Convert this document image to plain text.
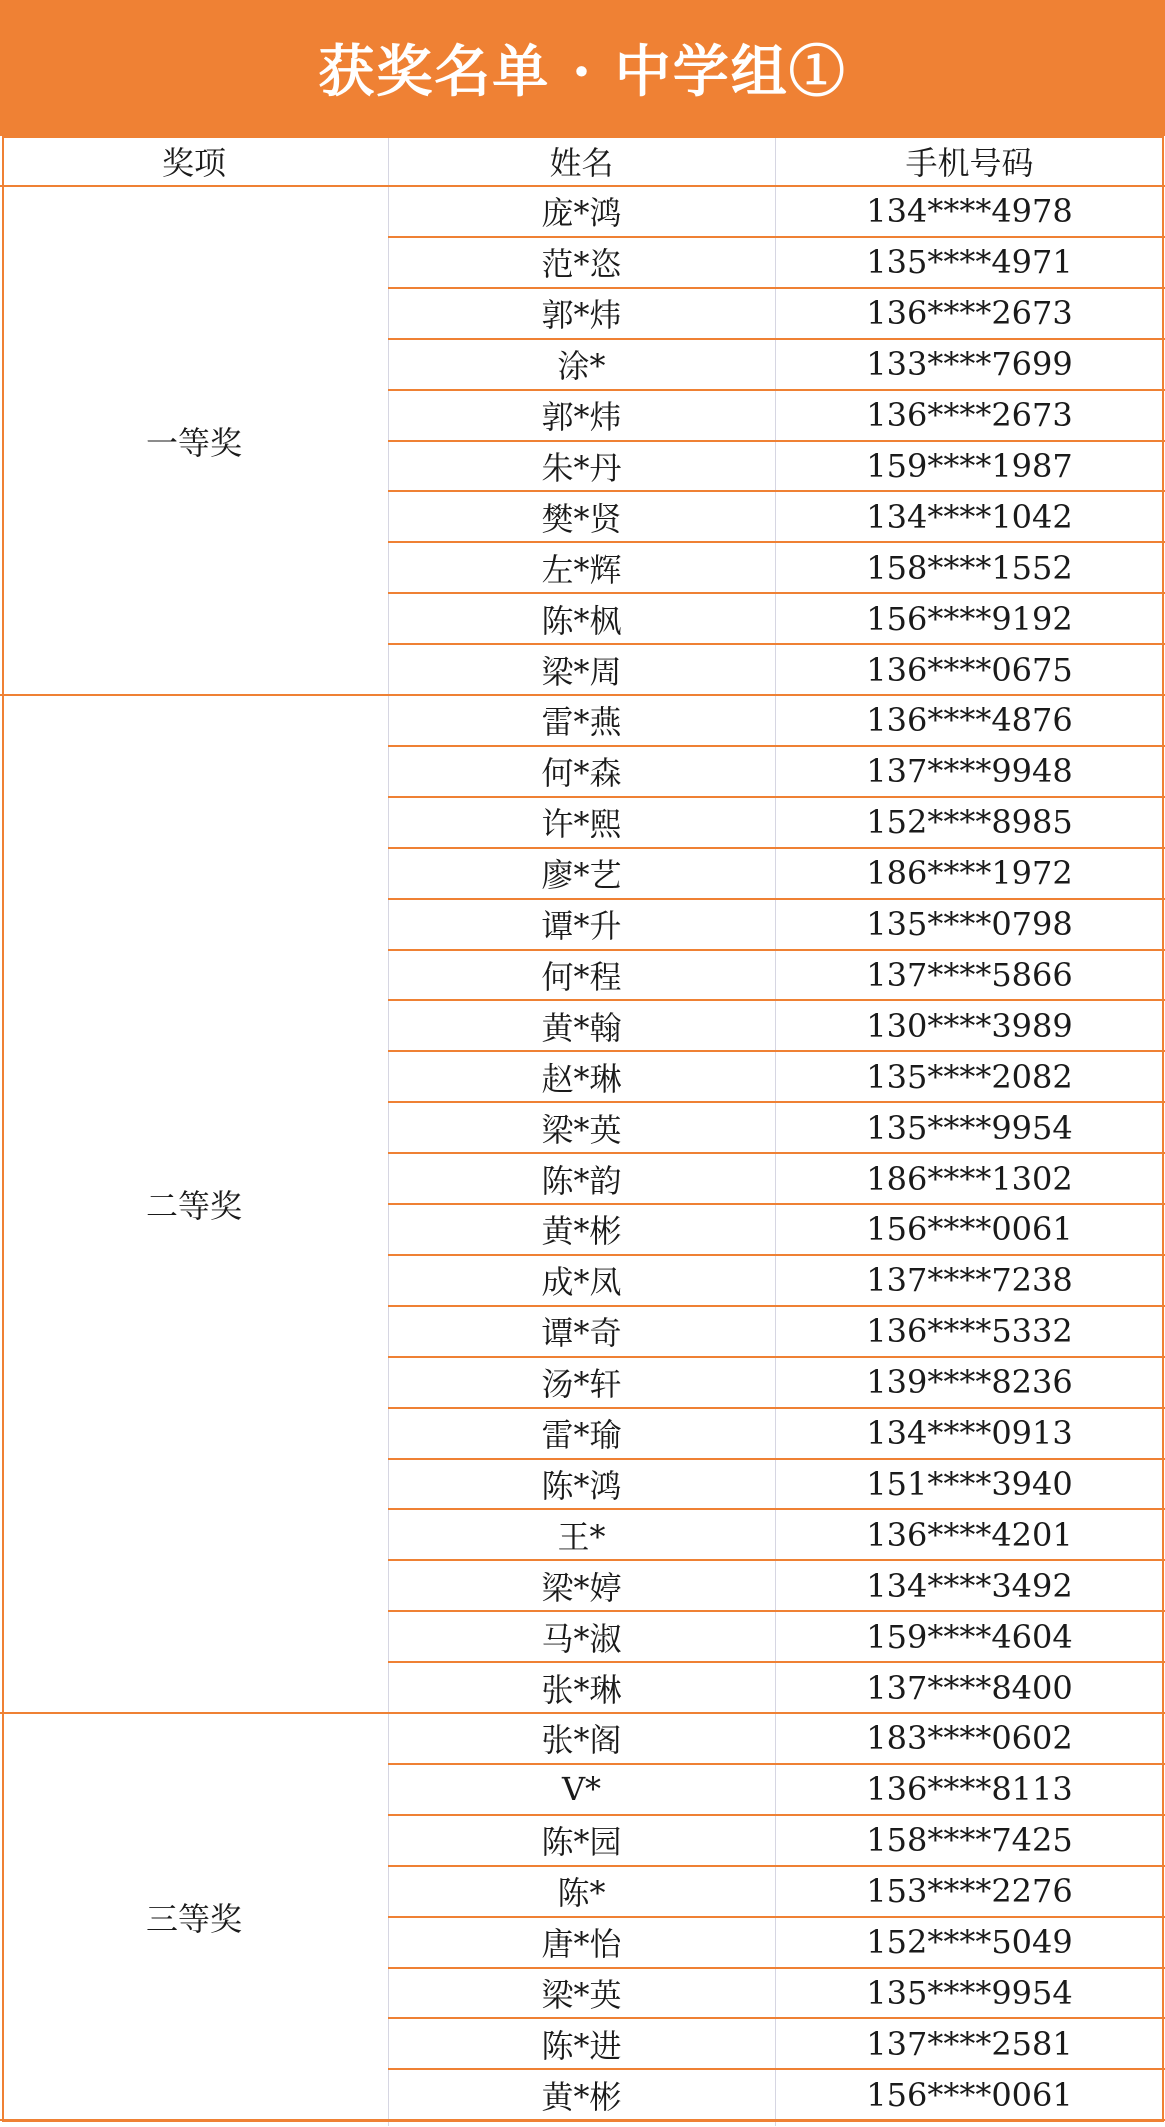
获奖名单 · 中学组①
奖项	姓名	手机号码
一等奖
庞*鸿	134****4978
范*恣	135****4971
郭*炜	136****2673
涂*	133****7699
郭*炜	136****2673
朱*丹	159****1987
樊*贤	134****1042
左*辉	158****1552
陈*枫	156****9192
梁*周	136****0675
二等奖
雷*燕	136****4876
何*森	137****9948
许*熙	152****8985
廖*艺	186****1972
谭*升	135****0798
何*程	137****5866
黄*翰	130****3989
赵*琳	135****2082
梁*英	135****9954
陈*韵	186****1302
黄*彬	156****0061
成*凤	137****7238
谭*奇	136****5332
汤*轩	139****8236
雷*瑜	134****0913
陈*鸿	151****3940
王*	136****4201
梁*婷	134****3492
马*淑	159****4604
张*琳	137****8400
三等奖
张*阁	183****0602
V*	136****8113
陈*园	158****7425
陈*	153****2276
唐*怡	152****5049
梁*英	135****9954
陈*进	137****2581
黄*彬	156****0061
